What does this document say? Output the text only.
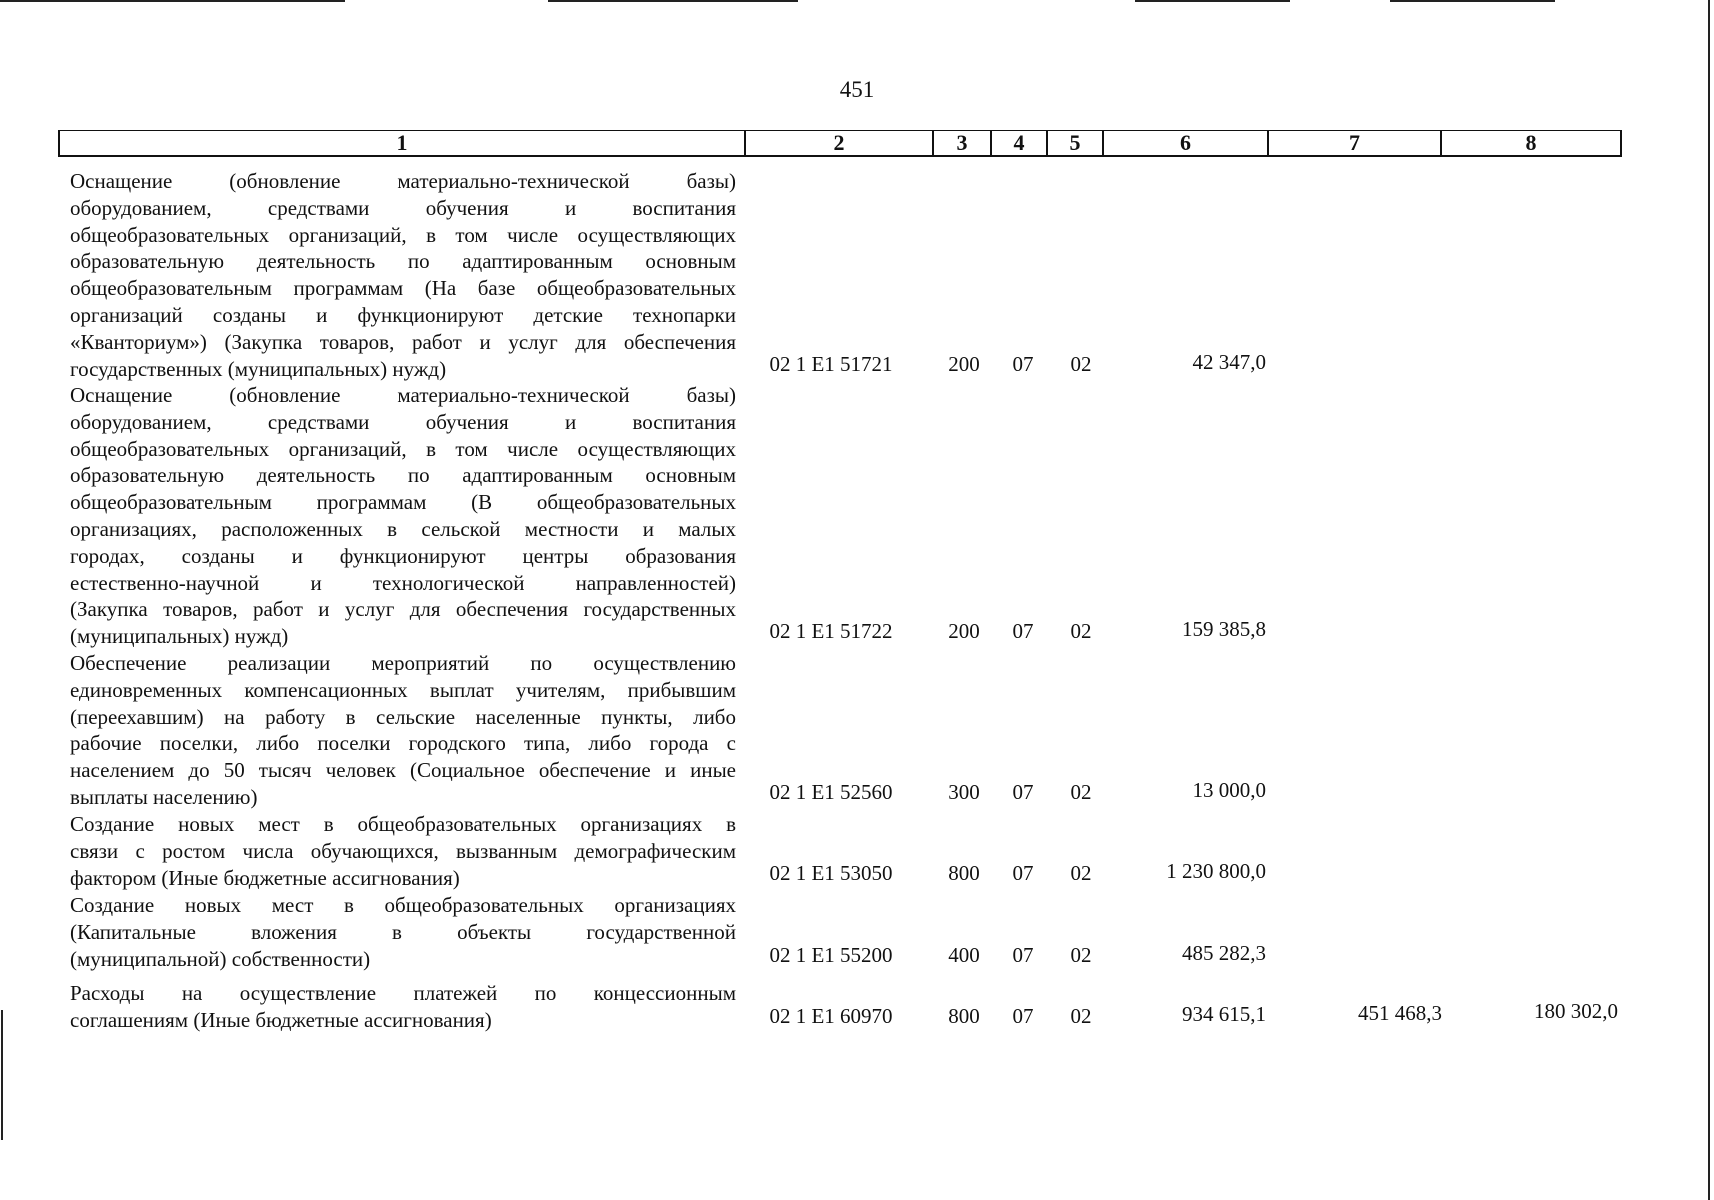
451
1	2	3	4	5	6	7	8
Оснащение (обновление материально-технической базы)
оборудованием, средствами обучения и воспитания
общеобразовательных организаций, в том числе осуществляющих
образовательную деятельность по адаптированным основным
общеобразовательным программам (На базе общеобразовательных
организаций созданы и функционируют детские технопарки
«Кванториум») (Закупка товаров, работ и услуг для обеспечения
государственных (муниципальных) нужд)	02 1 E1 51721	200	07	02	42 347,0
Оснащение (обновление материально-технической базы)
оборудованием, средствами обучения и воспитания
общеобразовательных организаций, в том числе осуществляющих
образовательную деятельность по адаптированным основным
общеобразовательным программам (В общеобразовательных
организациях, расположенных в сельской местности и малых
городах, созданы и функционируют центры образования
естественно-научной и технологической направленностей)
(Закупка товаров, работ и услуг для обеспечения государственных
(муниципальных) нужд)	02 1 E1 51722	200	07	02	159 385,8
Обеспечение реализации мероприятий по осуществлению
единовременных компенсационных выплат учителям, прибывшим
(переехавшим) на работу в сельские населенные пункты, либо
рабочие поселки, либо поселки городского типа, либо города с
населением до 50 тысяч человек (Социальное обеспечение и иные
выплаты населению)	02 1 E1 52560	300	07	02	13 000,0
Создание новых мест в общеобразовательных организациях в
связи с ростом числа обучающихся, вызванным демографическим
фактором (Иные бюджетные ассигнования)	02 1 E1 53050	800	07	02	1 230 800,0
Создание новых мест в общеобразовательных организациях
(Капитальные вложения в объекты государственной
(муниципальной) собственности)	02 1 E1 55200	400	07	02	485 282,3
Расходы на осуществление платежей по концессионным
соглашениям (Иные бюджетные ассигнования)	02 1 E1 60970	800	07	02	934 615,1	451 468,3	180 302,0
